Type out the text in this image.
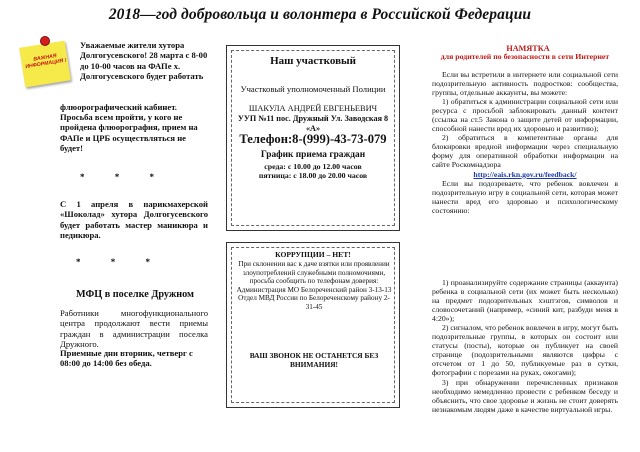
2018—год добровольца и волонтера в Российской Федерации
ВАЖНАЯ ИНФОРМАЦИЯ !
Уважаемые жители хутора Долгогусевского! 28 марта с 8-00 до 10-00 часов на ФАПе х. Долгогусевского будет работать
флюорографический кабинет.
Просьба всем пройти, у кого не пройдена флюорография, прием на ФАПе и ЦРБ осуществляться не будет!
* * *
С 1 апреля в парикмахерской «Шоколад» хутора Долгогусевского будет работать мастер маникюра и педикюра.
* * *
МФЦ в поселке Дружном
Работники многофункционального центра продолжают вести приемы граждан в администрации поселка Дружного.
Приемные дни вторник, четверг с 08:00 до 14:00 без обеда.
Наш участковый
Участковый уполномоченный Полиции
ШАКУЛА АНДРЕЙ ЕВГЕНЬЕВИЧ
УУП №11 пос. Дружный Ул. Заводская 8 «А»
Телефон:8-(999)-43-73-079
График приема граждан
среда: с 10.00 до 12.00 часов
пятница: с 18.00 до 20.00 часов
КОРРУПЦИИ – НЕТ!
При склонении вас к даче взятки или проявлении злоупотреблений служебными полномочиями, просьба сообщить по телефонам доверия: Администрация МО Белореченский район 3-13-13 Отдел МВД России по Белореченскому району 2-31-45
ВАШ ЗВОНОК НЕ ОСТАНЕТСЯ БЕЗ ВНИМАНИЯ!
НАМЯТКА
для родителей по безопасности в сети Интернет
Если вы встретили в интернете или социальной сети подозрительную активность подростков: сообщества, группы, отдельные аккаунты, вы можете:
1) обратиться к администрации социальной сети или ресурса с просьбой заблокировать данный контент (ссылка на ст.5 Закона о защите детей от информации, способной нанести вред их здоровью и развитию);
2) обратиться в компетентные органы для блокировки вредной информации через специальную форму для оперативной обработки информации на сайте Роскомнадзора
http://eais.rkn.gov.ru/feedback/
Если вы подозреваете, что ребенок вовлечен в подозрительную игру в социальной сети, которая может нанести вред его здоровью и психологическому состоянию:
1) проанализируйте содержание страницы (аккаунта) ребенка в социальной сети (их может быть несколько) на предмет подозрительных хэштэгов, символов и словосочетаний (например, «синий кит, разбуди меня в 4:20»);
2) сигналом, что ребенок вовлечен в игру, могут быть подозрительные группы, в которых он состоит или статусы (посты), которые он публикует на своей странице (подозрительными являются цифры с отсчетом от 1 до 50, публикуемые раз в сутки, фотографии с порезами на руках, ожогами);
3) при обнаружении перечисленных признаков необходимо немедленно провести с ребенком беседу и объяснить, что свое здоровье и жизнь не стоит доверять незнакомым людям даже в качестве виртуальной игры.
